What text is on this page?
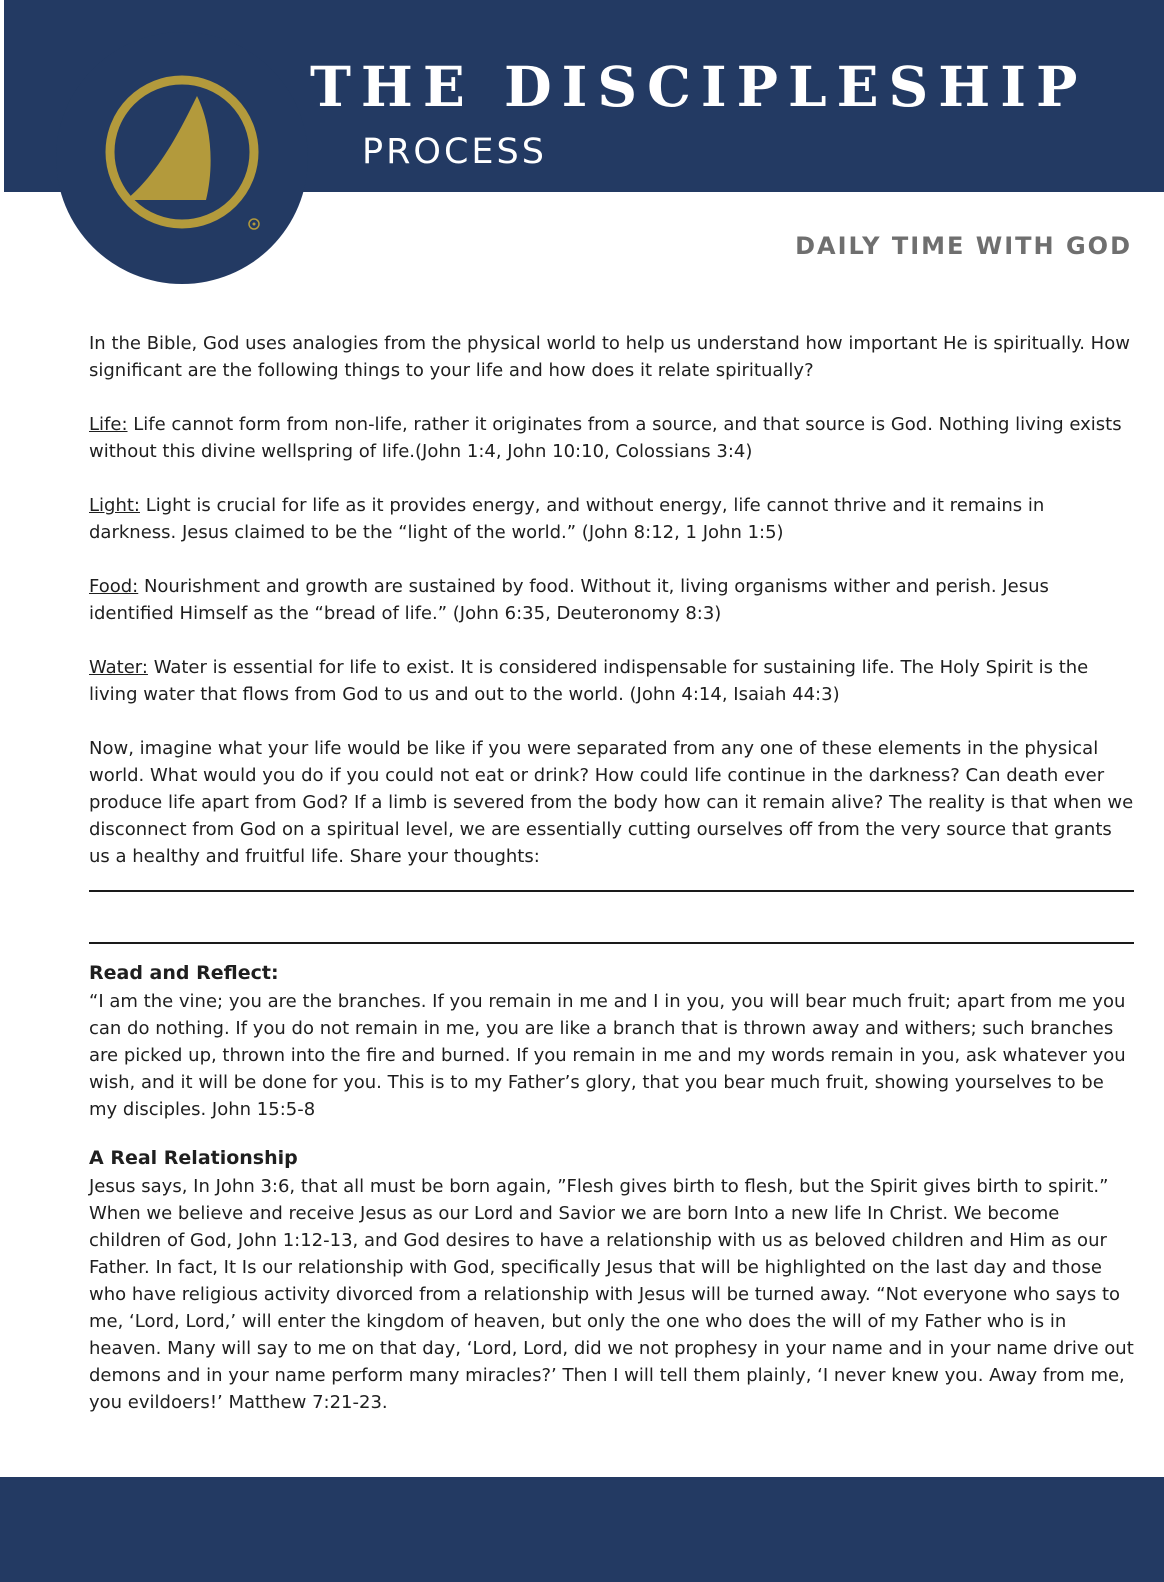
THE DISCIPLESHIP
PROCESS
DAILY TIME WITH GOD

In the Bible, God uses analogies from the physical world to help us understand how important He is spiritually. How significant are the following things to your life and how does it relate spiritually?

Life: Life cannot form from non-life, rather it originates from a source, and that source is God. Nothing living exists without this divine wellspring of life.(John 1:4, John 10:10, Colossians 3:4)

Light: Light is crucial for life as it provides energy, and without energy, life cannot thrive and it remains in darkness. Jesus claimed to be the “light of the world.” (John 8:12, 1 John 1:5)

Food: Nourishment and growth are sustained by food. Without it, living organisms wither and perish. Jesus identified Himself as the “bread of life.” (John 6:35, Deuteronomy 8:3)

Water: Water is essential for life to exist. It is considered indispensable for sustaining life. The Holy Spirit is the living water that flows from God to us and out to the world. (John 4:14, Isaiah 44:3)

Now, imagine what your life would be like if you were separated from any one of these elements in the physical world. What would you do if you could not eat or drink? How could life continue in the darkness? Can death ever produce life apart from God? If a limb is severed from the body how can it remain alive? The reality is that when we disconnect from God on a spiritual level, we are essentially cutting ourselves off from the very source that grants us a healthy and fruitful life. Share your thoughts:

Read and Reflect:

“I am the vine; you are the branches. If you remain in me and I in you, you will bear much fruit; apart from me you can do nothing. If you do not remain in me, you are like a branch that is thrown away and withers; such branches are picked up, thrown into the fire and burned. If you remain in me and my words remain in you, ask whatever you wish, and it will be done for you. This is to my Father’s glory, that you bear much fruit, showing yourselves to be my disciples. John 15:5-8

A Real Relationship

Jesus says, In John 3:6, that all must be born again, ”Flesh gives birth to flesh, but the Spirit gives birth to spirit.” When we believe and receive Jesus as our Lord and Savior we are born Into a new life In Christ. We become children of God, John 1:12-13, and God desires to have a relationship with us as beloved children and Him as our Father. In fact, It Is our relationship with God, specifically Jesus that will be highlighted on the last day and those who have religious activity divorced from a relationship with Jesus will be turned away. “Not everyone who says to me, ‘Lord, Lord,’ will enter the kingdom of heaven, but only the one who does the will of my Father who is in heaven. Many will say to me on that day, ‘Lord, Lord, did we not prophesy in your name and in your name drive out demons and in your name perform many miracles?’ Then I will tell them plainly, ‘I never knew you. Away from me, you evildoers!’ Matthew 7:21-23.
